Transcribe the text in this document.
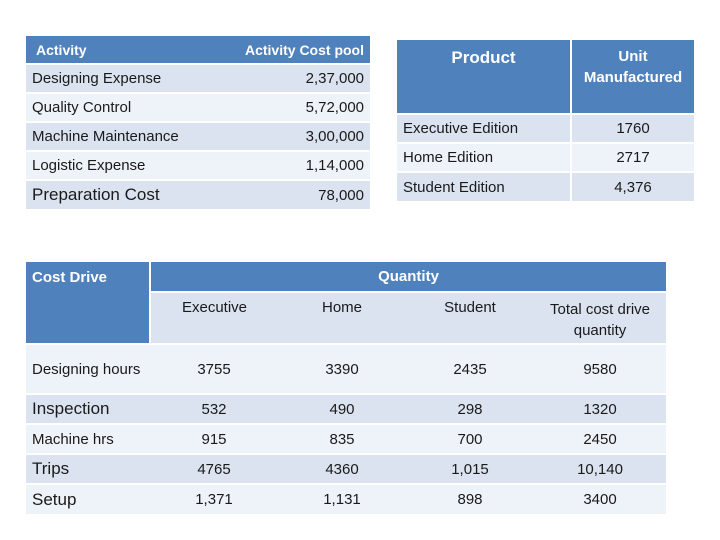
Activity	Activity Cost pool
Designing Expense	2,37,000
Quality Control	5,72,000
Machine Maintenance	3,00,000
Logistic Expense	1,14,000
Preparation Cost	78,000
Product	Unit Manufactured
Executive Edition	1760
Home Edition	2717
Student Edition	4,376
Cost Drive	Quantity			
	Executive	Home	Student	Total cost drive quantity
Designing hours	3755	3390	2435	9580
Inspection	532	490	298	1320
Machine hrs	915	835	700	2450
Trips	4765	4360	1,015	10,140
Setup	1,371	1,131	898	3400
